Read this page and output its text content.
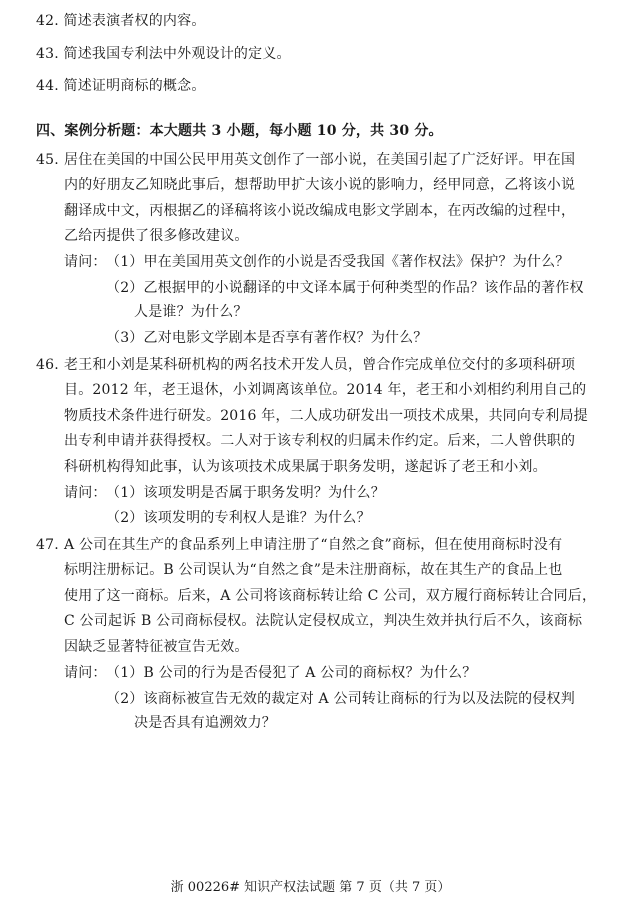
42. 简述表演者权的内容。
43. 简述我国专利法中外观设计的定义。
44. 简述证明商标的概念。
四、案例分析题：本大题共 3 小题，每小题 10 分，共 30 分。
45. 居住在美国的中国公民甲用英文创作了一部小说，在美国引起了广泛好评。甲在国
内的好朋友乙知晓此事后，想帮助甲扩大该小说的影响力，经甲同意，乙将该小说
翻译成中文，丙根据乙的译稿将该小说改编成电影文学剧本，在丙改编的过程中，
乙给丙提供了很多修改建议。
请问： （1）甲在美国用英文创作的小说是否受我国《著作权法》保护？为什么？
（2）乙根据甲的小说翻译的中文译本属于何种类型的作品？该作品的著作权
人是谁？为什么？
（3）乙对电影文学剧本是否享有著作权？为什么？
46. 老王和小刘是某科研机构的两名技术开发人员，曾合作完成单位交付的多项科研项
目。2012 年，老王退休，小刘调离该单位。2014 年，老王和小刘相约利用自己的
物质技术条件进行研发。2016 年，二人成功研发出一项技术成果，共同向专利局提
出专利申请并获得授权。二人对于该专利权的归属未作约定。后来，二人曾供职的
科研机构得知此事，认为该项技术成果属于职务发明，遂起诉了老王和小刘。
请问： （1）该项发明是否属于职务发明？为什么？
（2）该项发明的专利权人是谁？为什么？
47. A 公司在其生产的食品系列上申请注册了“自然之食”商标，但在使用商标时没有
标明注册标记。B 公司误认为“自然之食”是未注册商标，故在其生产的食品上也
使用了这一商标。后来，A 公司将该商标转让给 C 公司，双方履行商标转让合同后，
C 公司起诉 B 公司商标侵权。法院认定侵权成立，判决生效并执行后不久，该商标
因缺乏显著特征被宣告无效。
请问： （1）B 公司的行为是否侵犯了 A 公司的商标权？为什么？
（2）该商标被宣告无效的裁定对 A 公司转让商标的行为以及法院的侵权判
决是否具有追溯效力？
浙 00226# 知识产权法试题 第 7 页（共 7 页）
